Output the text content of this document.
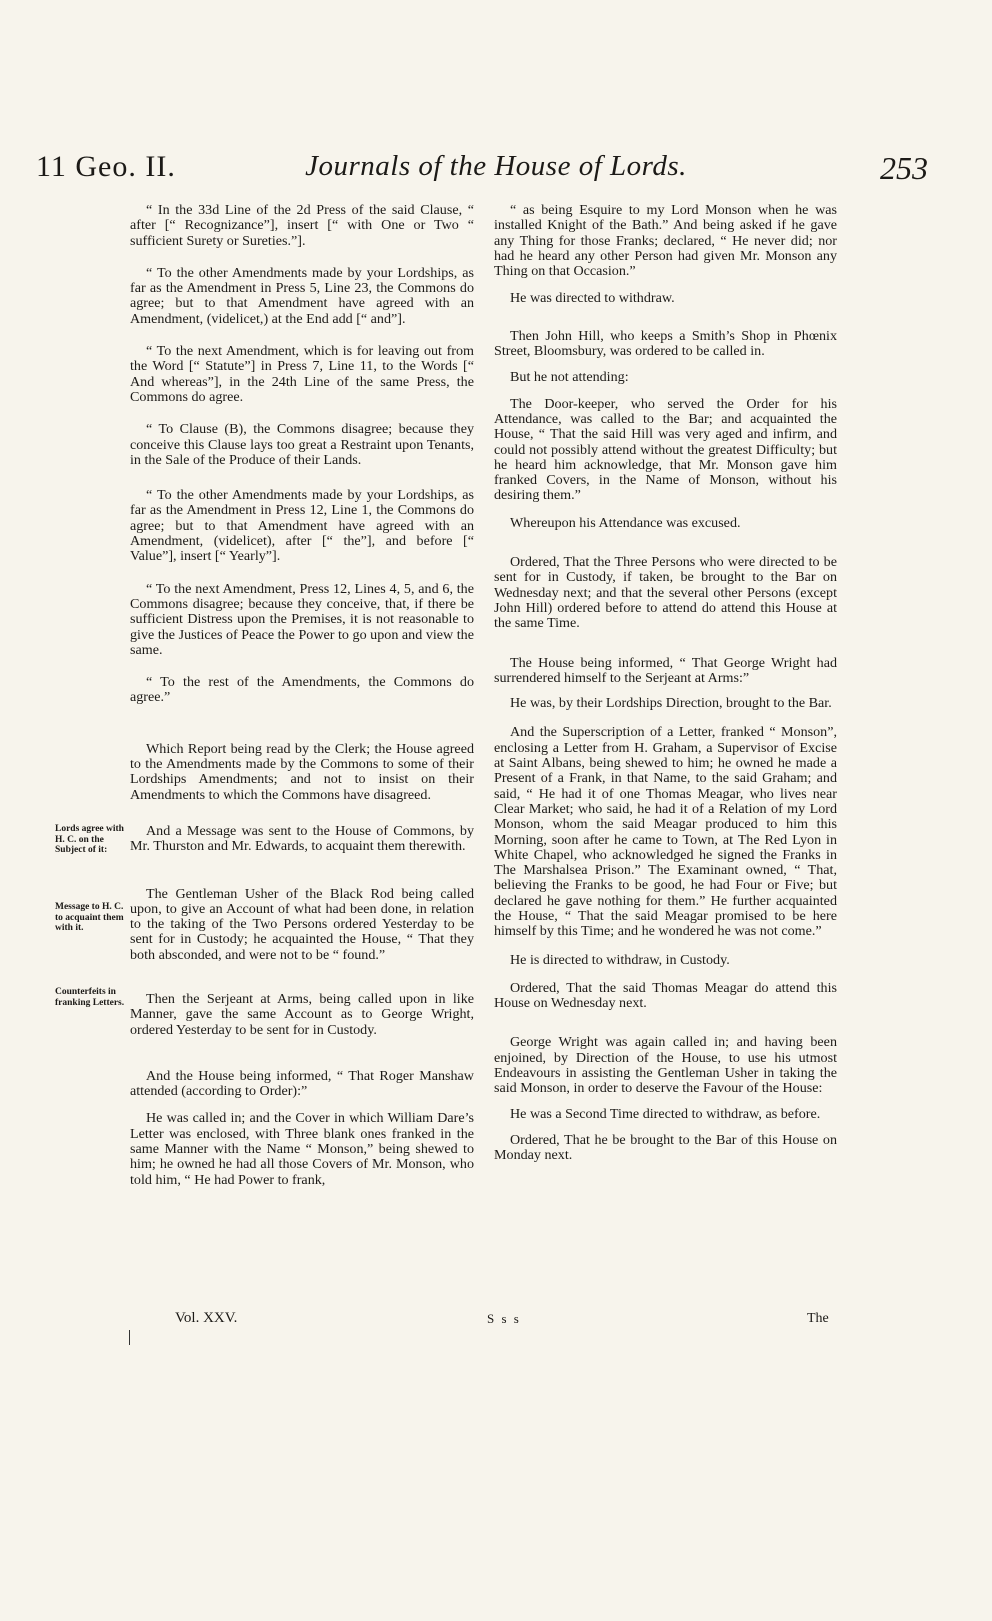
11 Geo. II.	Journals of the House of Lords.	253

“ In the 33d Line of the 2d Press of the said Clause, “ after [“ Recognizance”], insert [“ with One or Two “ sufficient Surety or Sureties.”].

“ To the other Amendments made by your Lordships, as far as the Amendment in Press 5, Line 23, the Commons do agree; but to that Amendment have agreed with an Amendment, (videlicet,) at the End add [“ and”].

“ To the next Amendment, which is for leaving out from the Word [“ Statute”] in Press 7, Line 11, to the Words [“ And whereas”], in the 24th Line of the same Press, the Commons do agree.

“ To Clause (B), the Commons disagree; because they conceive this Clause lays too great a Restraint upon Tenants, in the Sale of the Produce of their Lands.

“ To the other Amendments made by your Lordships, as far as the Amendment in Press 12, Line 1, the Commons do agree; but to that Amendment have agreed with an Amendment, (videlicet), after [“ the”], and before [“ Value”], insert [“ Yearly”].

“ To the next Amendment, Press 12, Lines 4, 5, and 6, the Commons disagree; because they conceive, that, if there be sufficient Distress upon the Premises, it is not reasonable to give the Justices of Peace the Power to go upon and view the same.

“ To the rest of the Amendments, the Commons do agree.”

Which Report being read by the Clerk; the House agreed to the Amendments made by the Commons to some of their Lordships Amendments; and not to insist on their Amendments to which the Commons have disagreed.

And a Message was sent to the House of Commons, by Mr. Thurston and Mr. Edwards, to acquaint them therewith.

The Gentleman Usher of the Black Rod being called upon, to give an Account of what had been done, in relation to the taking of the Two Persons ordered Yesterday to be sent for in Custody; he acquainted the House, “ That they both absconded, and were not to be “ found.”

Then the Serjeant at Arms, being called upon in like Manner, gave the same Account as to George Wright, ordered Yesterday to be sent for in Custody.

And the House being informed, “ That Roger Manshaw attended (according to Order):”

He was called in; and the Cover in which William Dare’s Letter was enclosed, with Three blank ones franked in the same Manner with the Name “ Monson,” being shewed to him; he owned he had all those Covers of Mr. Monson, who told him, “ He had Power to frank,

Lords agree with H. C. on the Subject of it:
Message to H. C. to acquaint them with it.
Counterfeits in franking Letters.

“ as being Esquire to my Lord Monson when he was installed Knight of the Bath.” And being asked if he gave any Thing for those Franks; declared, “ He never did; nor had he heard any other Person had given Mr. Monson any Thing on that Occasion.”

He was directed to withdraw.

Then John Hill, who keeps a Smith’s Shop in Phœnix Street, Bloomsbury, was ordered to be called in.

But he not attending:

The Door-keeper, who served the Order for his Attendance, was called to the Bar; and acquainted the House, “ That the said Hill was very aged and infirm, and could not possibly attend without the greatest Difficulty; but he heard him acknowledge, that Mr. Monson gave him franked Covers, in the Name of Monson, without his desiring them.”

Whereupon his Attendance was excused.

Ordered, That the Three Persons who were directed to be sent for in Custody, if taken, be brought to the Bar on Wednesday next; and that the several other Persons (except John Hill) ordered before to attend do attend this House at the same Time.

The House being informed, “ That George Wright had surrendered himself to the Serjeant at Arms:”

He was, by their Lordships Direction, brought to the Bar.

And the Superscription of a Letter, franked “ Monson”, enclosing a Letter from H. Graham, a Supervisor of Excise at Saint Albans, being shewed to him; he owned he made a Present of a Frank, in that Name, to the said Graham; and said, “ He had it of one Thomas Meagar, who lives near Clear Market; who said, he had it of a Relation of my Lord Monson, whom the said Meagar produced to him this Morning, soon after he came to Town, at The Red Lyon in White Chapel, who acknowledged he signed the Franks in The Marshalsea Prison.” The Examinant owned, “ That, believing the Franks to be good, he had Four or Five; but declared he gave nothing for them.” He further acquainted the House, “ That the said Meagar promised to be here himself by this Time; and he wondered he was not come.”

He is directed to withdraw, in Custody.

Ordered, That the said Thomas Meagar do attend this House on Wednesday next.

George Wright was again called in; and having been enjoined, by Direction of the House, to use his utmost Endeavours in assisting the Gentleman Usher in taking the said Monson, in order to deserve the Favour of the House:

He was a Second Time directed to withdraw, as before.

Ordered, That he be brought to the Bar of this House on Monday next.

Vol. XXV.	S s s	The
